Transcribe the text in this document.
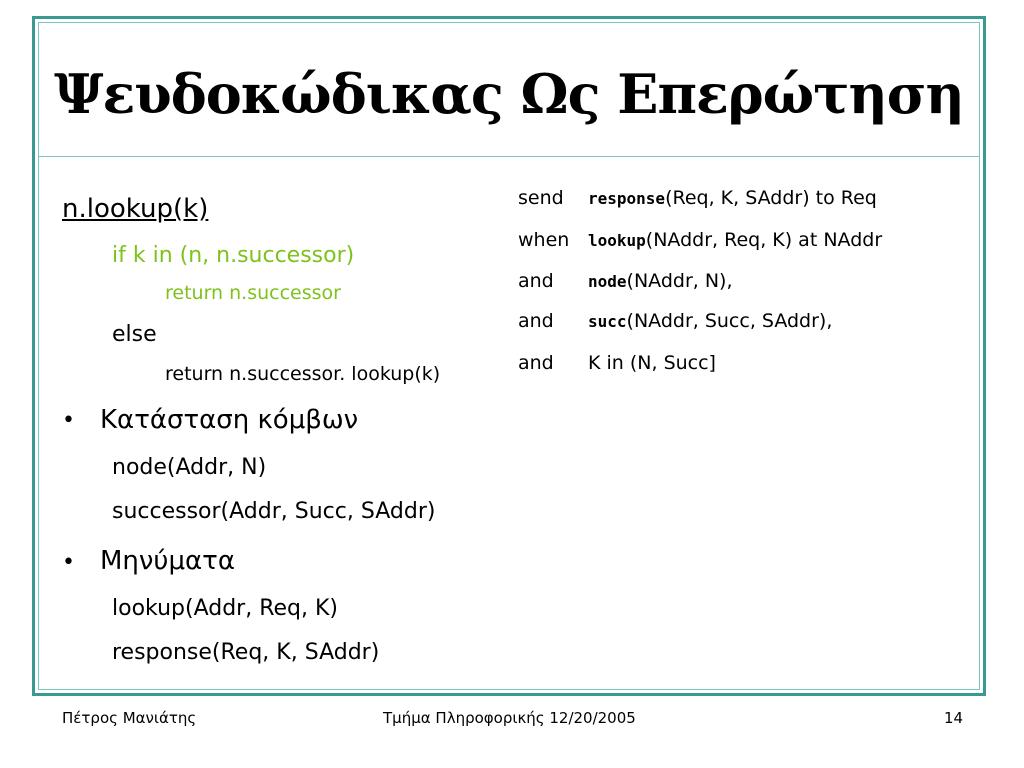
Ψευδοκώδικας Ως Επερώτηση
n.lookup(k)
if k in (n, n.successor)
return n.successor
else
return n.successor. lookup(k)
• Κατάσταση κόμβων
node(Addr, N)
successor(Addr, Succ, SAddr)
• Μηνύματα
lookup(Addr, Req, K)
response(Req, K, SAddr)
send response(Req, K, SAddr) to Req
when lookup(NAddr, Req, K) at NAddr
and node(NAddr, N),
and succ(NAddr, Succ, SAddr),
and K in (N, Succ]
Πέτρος Μανιάτης	Τμήμα Πληροφορικής 12/20/2005	14
